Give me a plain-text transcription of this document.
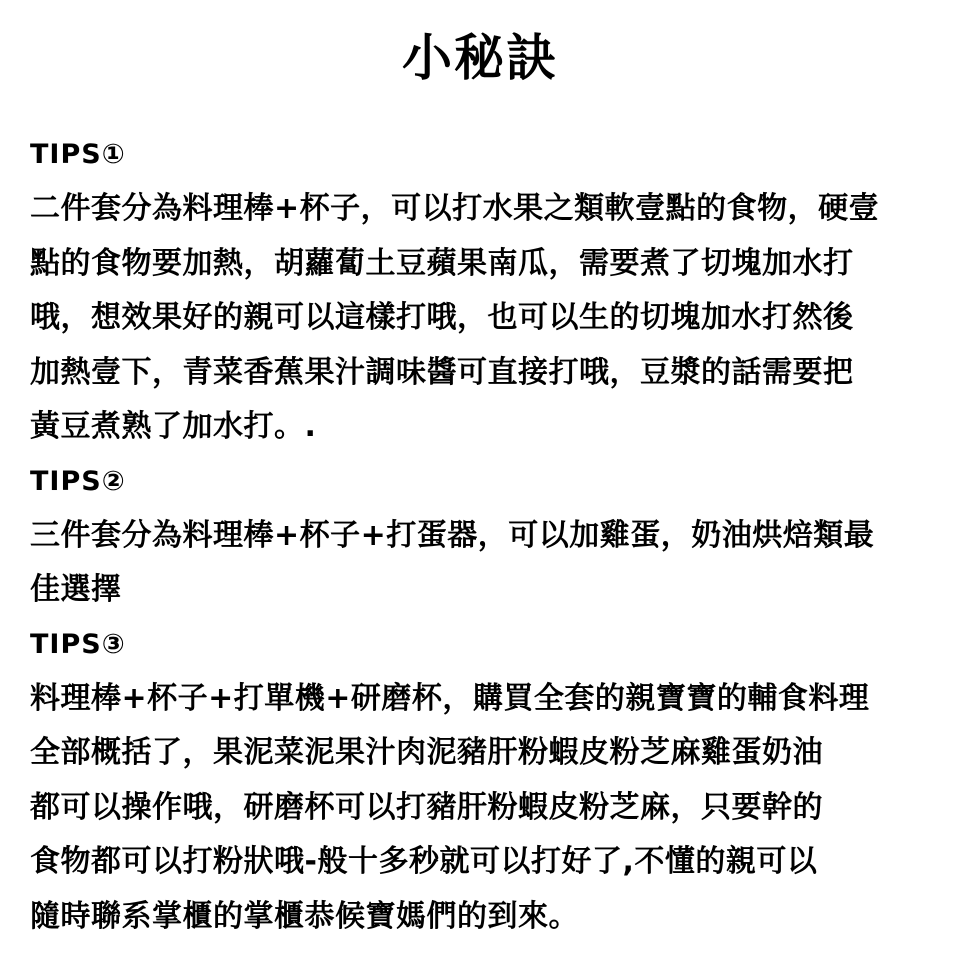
小秘訣
TIPS①
二件套分為料理棒+杯子，可以打水果之類軟壹點的食物，硬壹
點的食物要加熱，胡蘿蔔土豆蘋果南瓜，需要煮了切塊加水打
哦，想效果好的親可以這樣打哦，也可以生的切塊加水打然後
加熱壹下，青菜香蕉果汁調味醬可直接打哦，豆漿的話需要把
黃豆煮熟了加水打。.
TIPS②
三件套分為料理棒+杯子+打蛋器，可以加雞蛋，奶油烘焙類最
佳選擇
TIPS③
料理棒+杯子+打單機+研磨杯，購買全套的親寶寶的輔食料理
全部概括了，果泥菜泥果汁肉泥豬肝粉蝦皮粉芝麻雞蛋奶油
都可以操作哦，研磨杯可以打豬肝粉蝦皮粉芝麻，只要幹的
食物都可以打粉狀哦-般十多秒就可以打好了,不懂的親可以
隨時聯系掌櫃的掌櫃恭候寶媽們的到來。
